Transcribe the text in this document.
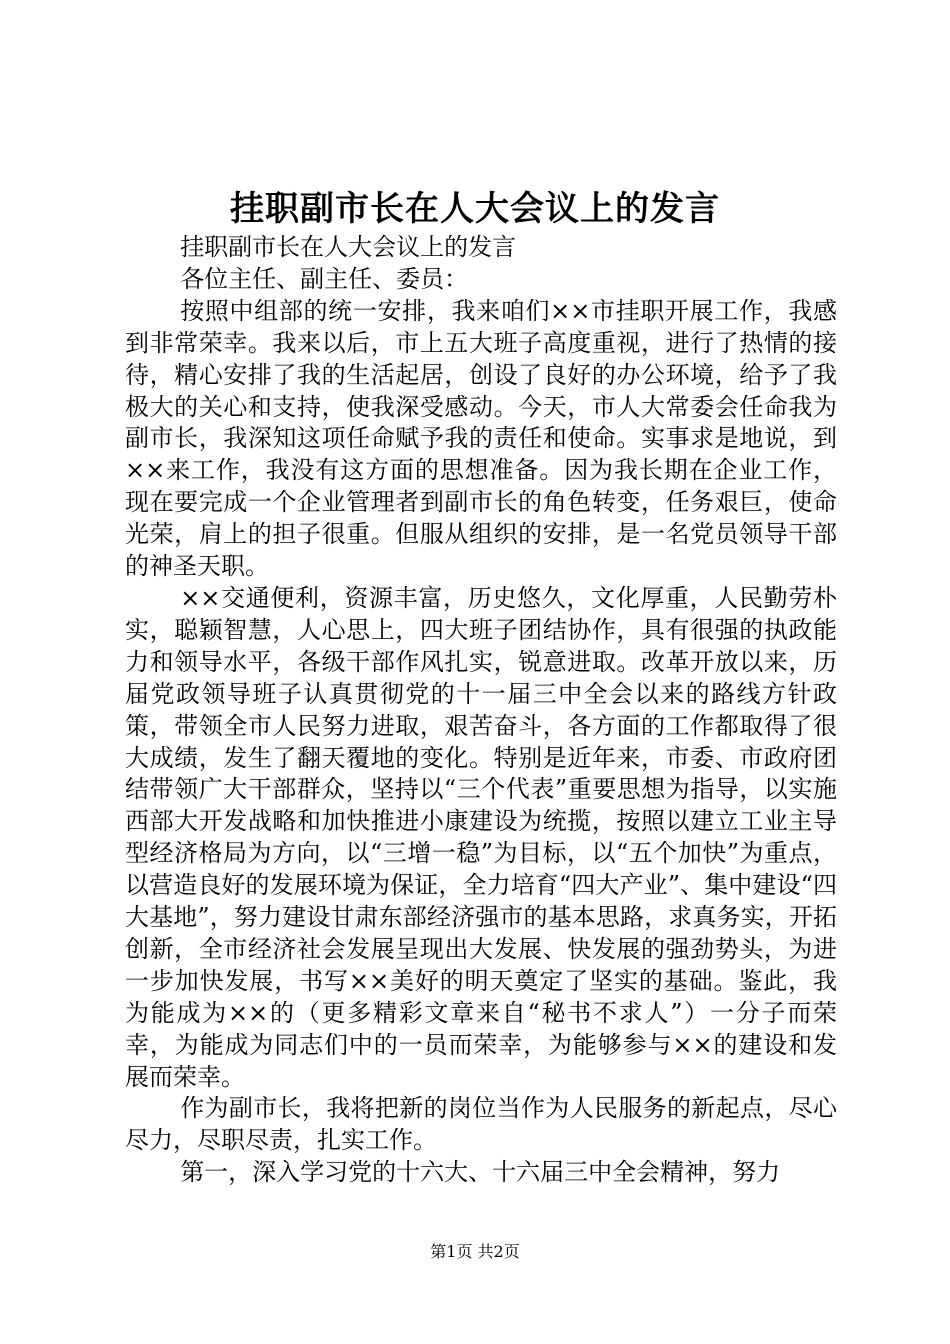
挂职副市长在人大会议上的发言

挂职副市长在人大会议上的发言

各位主任、副主任、委员：

按照中组部的统一安排，我来咱们××市挂职开展工作，我感到非常荣幸。我来以后，市上五大班子高度重视，进行了热情的接待，精心安排了我的生活起居，创设了良好的办公环境，给予了我极大的关心和支持，使我深受感动。今天，市人大常委会任命我为副市长，我深知这项任命赋予我的责任和使命。实事求是地说，到××来工作，我没有这方面的思想准备。因为我长期在企业工作，现在要完成一个企业管理者到副市长的角色转变，任务艰巨，使命光荣，肩上的担子很重。但服从组织的安排，是一名党员领导干部的神圣天职。

××交通便利，资源丰富，历史悠久，文化厚重，人民勤劳朴实，聪颖智慧，人心思上，四大班子团结协作，具有很强的执政能力和领导水平，各级干部作风扎实，锐意进取。改革开放以来，历届党政领导班子认真贯彻党的十一届三中全会以来的路线方针政策，带领全市人民努力进取，艰苦奋斗，各方面的工作都取得了很大成绩，发生了翻天覆地的变化。特别是近年来，市委、市政府团结带领广大干部群众，坚持以“三个代表”重要思想为指导，以实施西部大开发战略和加快推进小康建设为统揽，按照以建立工业主导型经济格局为方向，以“三增一稳”为目标，以“五个加快”为重点，以营造良好的发展环境为保证，全力培育“四大产业”、集中建设“四大基地”，努力建设甘肃东部经济强市的基本思路，求真务实，开拓创新，全市经济社会发展呈现出大发展、快发展的强劲势头，为进一步加快发展，书写××美好的明天奠定了坚实的基础。鉴此，我为能成为××的（更多精彩文章来自“秘书不求人”）一分子而荣幸，为能成为同志们中的一员而荣幸，为能够参与××的建设和发展而荣幸。

作为副市长，我将把新的岗位当作为人民服务的新起点，尽心尽力，尽职尽责，扎实工作。

第一，深入学习党的十六大、十六届三中全会精神，努力

第1页 共2页
